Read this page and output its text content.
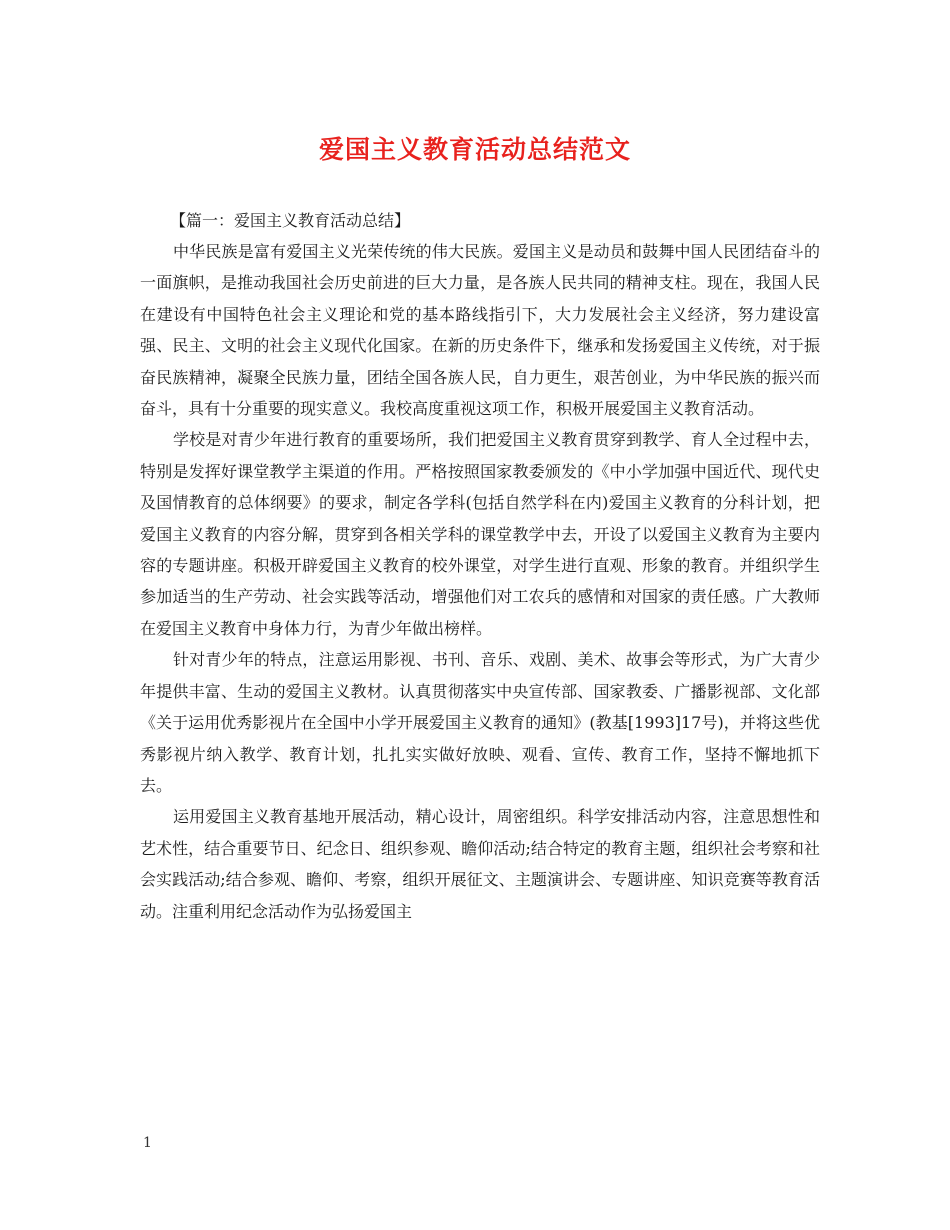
爱国主义教育活动总结范文

【篇一：爱国主义教育活动总结】

中华民族是富有爱国主义光荣传统的伟大民族。爱国主义是动员和鼓舞中国人民团结奋斗的一面旗帜，是推动我国社会历史前进的巨大力量，是各族人民共同的精神支柱。现在，我国人民在建设有中国特色社会主义理论和党的基本路线指引下，大力发展社会主义经济，努力建设富强、民主、文明的社会主义现代化国家。在新的历史条件下，继承和发扬爱国主义传统，对于振奋民族精神，凝聚全民族力量，团结全国各族人民，自力更生，艰苦创业，为中华民族的振兴而奋斗，具有十分重要的现实意义。我校高度重视这项工作，积极开展爱国主义教育活动。

学校是对青少年进行教育的重要场所，我们把爱国主义教育贯穿到教学、育人全过程中去，特别是发挥好课堂教学主渠道的作用。严格按照国家教委颁发的《中小学加强中国近代、现代史及国情教育的总体纲要》的要求，制定各学科(包括自然学科在内)爱国主义教育的分科计划，把爱国主义教育的内容分解，贯穿到各相关学科的课堂教学中去，开设了以爱国主义教育为主要内容的专题讲座。积极开辟爱国主义教育的校外课堂，对学生进行直观、形象的教育。并组织学生参加适当的生产劳动、社会实践等活动，增强他们对工农兵的感情和对国家的责任感。广大教师在爱国主义教育中身体力行，为青少年做出榜样。

针对青少年的特点，注意运用影视、书刊、音乐、戏剧、美术、故事会等形式，为广大青少年提供丰富、生动的爱国主义教材。认真贯彻落实中央宣传部、国家教委、广播影视部、文化部《关于运用优秀影视片在全国中小学开展爱国主义教育的通知》(教基[1993]17号)，并将这些优秀影视片纳入教学、教育计划，扎扎实实做好放映、观看、宣传、教育工作，坚持不懈地抓下去。

运用爱国主义教育基地开展活动，精心设计，周密组织。科学安排活动内容，注意思想性和艺术性，结合重要节日、纪念日、组织参观、瞻仰活动;结合特定的教育主题，组织社会考察和社会实践活动;结合参观、瞻仰、考察，组织开展征文、主题演讲会、专题讲座、知识竞赛等教育活动。注重利用纪念活动作为弘扬爱国主

1
